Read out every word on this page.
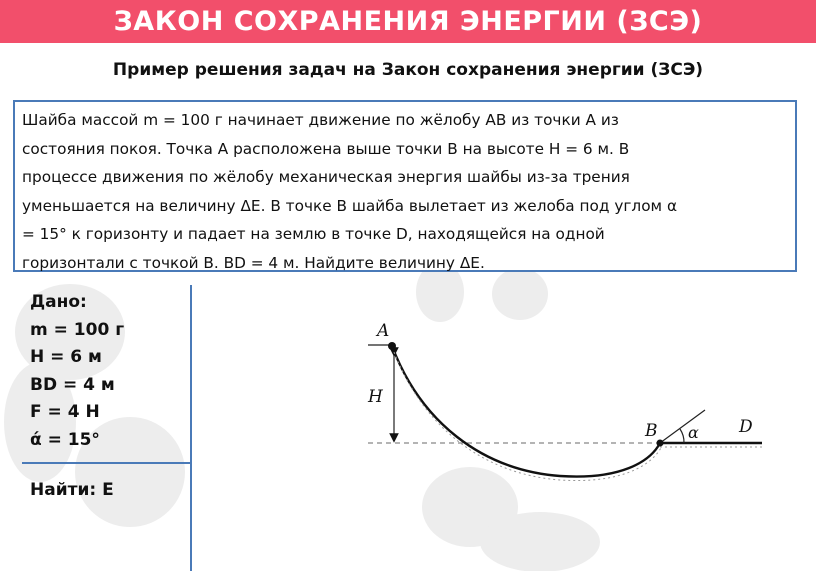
ЗАКОН СОХРАНЕНИЯ ЭНЕРГИИ (ЗСЭ)
Пример решения задач на Закон сохранения энергии (ЗСЭ)
Шайба массой m = 100 г начинает движение по жёлобу AB из точки A из
состояния покоя. Точка A расположена выше точки B на высоте H = 6 м. В
процессе движения по жёлобу механическая энергия шайбы из-за трения
уменьшается на величину ΔE. В точке B шайба вылетает из желоба под углом α
= 15° к горизонту и падает на землю в точке D, находящейся на одной
горизонтали с точкой B. BD = 4 м. Найдите величину ΔE.
Дано:
m = 100 г
H = 6 м
BD = 4 м
F = 4 Н
ά = 15°
Найти: Е
A
H
B α D
